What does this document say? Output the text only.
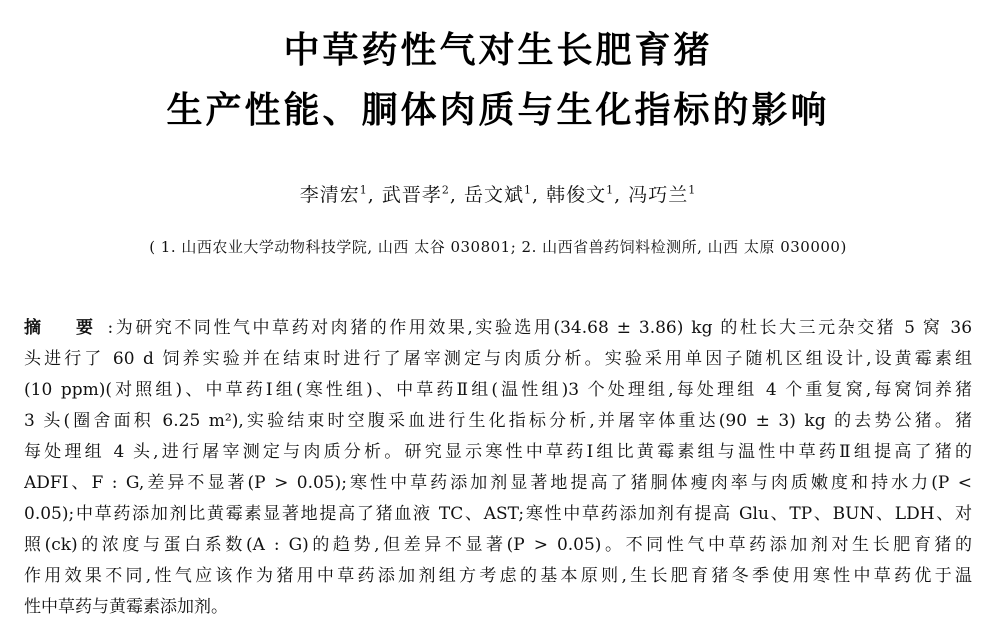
中草药性气对生长肥育猪
生产性能、胴体肉质与生化指标的影响
李清宏$^1$, 武晋孝$^2$, 岳文斌$^1$, 韩俊文$^1$, 冯巧兰$^1$
( 1. 山西农业大学动物科技学院, 山西 太谷 030801; 2. 山西省兽药饲料检测所, 山西 太原 030000)
摘 要:为研究不同性气中草药对肉猪的作用效果,实验选用(34.68 ± 3.86) kg 的杜长大三元杂交猪 5 窝 36
头进行了 60 d 饲养实验并在结束时进行了屠宰测定与肉质分析。实验采用单因子随机区组设计,设黄霉素组
(10 ppm)(对照组)、中草药Ⅰ组(寒性组)、中草药Ⅱ组(温性组)3 个处理组,每处理组 4 个重复窝,每窝饲养猪
3 头(圈舍面积 6.25 m²),实验结束时空腹采血进行生化指标分析,并屠宰体重达(90 ± 3) kg 的去势公猪。猪
每处理组 4 头,进行屠宰测定与肉质分析。研究显示寒性中草药Ⅰ组比黄霉素组与温性中草药Ⅱ组提高了猪的
ADFI、F : G,差异不显著(P > 0.05);寒性中草药添加剂显著地提高了猪胴体瘦肉率与肉质嫩度和持水力(P <
0.05);中草药添加剂比黄霉素显著地提高了猪血液 TC、AST;寒性中草药添加剂有提高 Glu、TP、BUN、LDH、对
照(ck)的浓度与蛋白系数(A : G)的趋势,但差异不显著(P > 0.05)。不同性气中草药添加剂对生长肥育猪的
作用效果不同,性气应该作为猪用中草药添加剂组方考虑的基本原则,生长肥育猪冬季使用寒性中草药优于温
性中草药与黄霉素添加剂。
